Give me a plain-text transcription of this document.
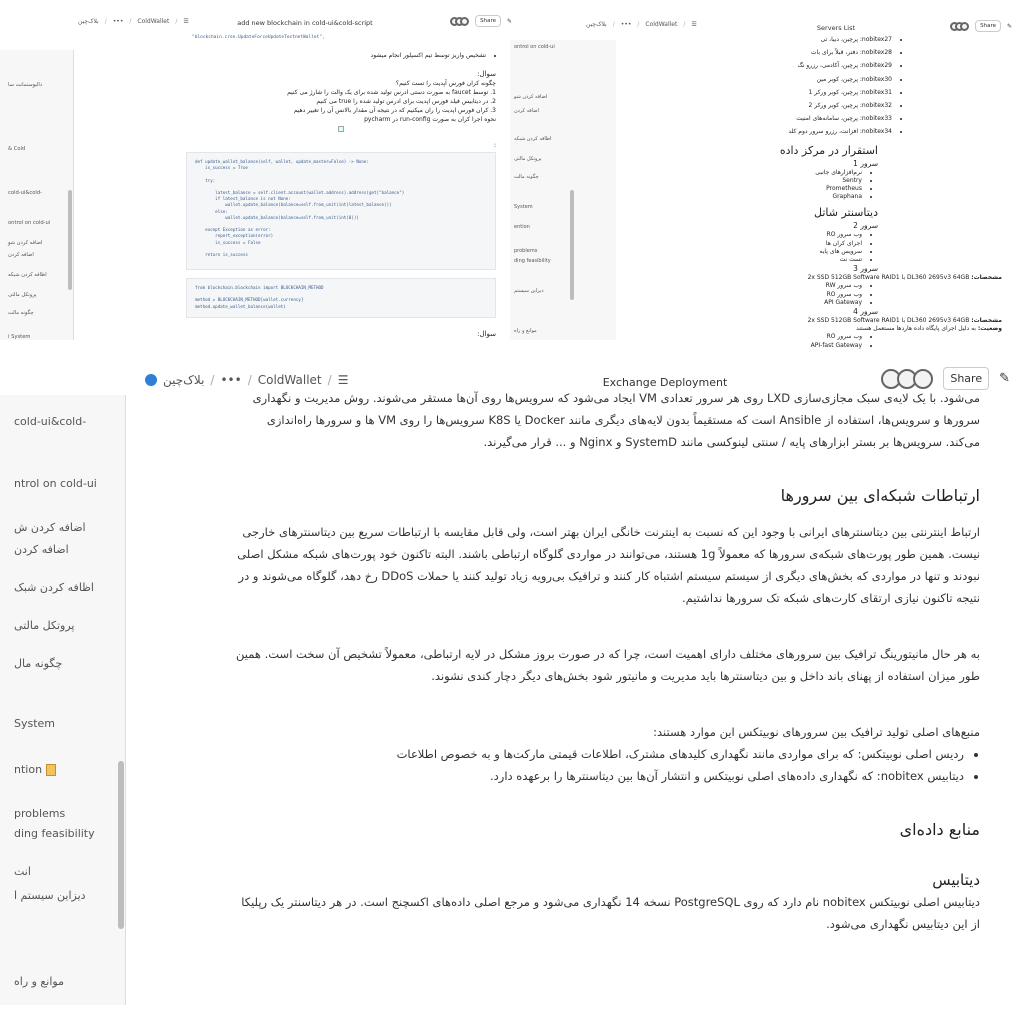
بلاک‌چین / ••• / ColdWallet / ☰	add new blockchain in cold-ui&cold-script	Share	✎
دالیوستمانت سا
& Cold
cold-ui&cold-
ontrol on cold-ui
اضافه کردن شو
اضافه کردن
اظافه کردن شبکه
پروتکل مالتی
چگونه مالت
i System
"blockchain.cron.UpdateForceUpdateTestnetWallet",
• تشخیص واریز توسط تیم اکسپلور انجام میشود
سوال:
چگونه کران فورس آپدیت را تست کنیم؟
1. توسط faucet به صورت دستی ادرس تولید شده برای یک والت را شارژ می کنیم
2. در دیتابیس فیلد فورس اپدیت برای ادرس تولید شده را true می کنیم
3. کران فورس اپدیت را ران میکنیم که در نتیجه آن مقدار بالانس آن را تغییر دهیم
نحوه اجرا کران به صورت run-config در pycharm
:
def update_wallet_balance(self, wallet, update_master=False) -> None:
is_success = True

try:

latest_balance = self.client.account(wallet.address).address(get("balance")
if latest_balance is not None:
wallet.update_balance(balance=self.from_unit(int(latest_balance)))
else:
wallet.update_balance(balance=self.from_unit(int(0)))

except Exception as error:
report_exception(error)
is_success = False

return is_success
from blockchain.blockchain import BLOCKCHAIN_METHOD

method = BLOCKCHAIN_METHOD[wallet.currency]
method.update_wallet_balance(wallet)
سوال:
ontrol on cold-ui
اضافه کردن شو
اضافه کردن
اظافه کردن شبکه
پروتکل مالتی
چگونه مالت
System
ention
problems
ding feasibility
دیزاین سیستم
موانع و راه
بلاک‌چین / ••• / ColdWallet / ☰	Servers List	Share	✎
• nobitex27: پرچین، دبیا، تی
• nobitex28: دفتر، قبلاً برای بات
• nobitex29: پرچین، آکادمی، رزرو نگ
• nobitex30: پرچین، کوبر مین
• nobitex31: پرچین، کوبر ورکر 1
• nobitex32: پرچین، کوبر ورکر 2
• nobitex33: پرچین، سامانه‌های امنیت
• nobitex34: افزانت، رزرو سرور دوم کلد
استقرار در مرکز داده
سرور 1
• نرم‌افزارهای جانبی
• Sentry
• Prometheus
• Graphana
دیتاسنتر شاتل
سرور 2
• وب سرور RO
• اجرای کران ها
• سرویس های پایه
• تست نت
سرور 3
مشخصات: DL360 2695v3 64GB با 2x SSD 512GB Software RAID1
• وب سرور RW
• وب سرور RO
• API Gateway
سرور 4
مشخصات: DL360 2695v3 64GB با 2x SSD 512GB Software RAID1
وضعیت: به دلیل اجرای پایگاه داده هاردها مستعمل هستند
• وب سرور RO
• API-fast Gateway
بلاک‌چین / ••• / ColdWallet / ☰	Exchange Deployment	Share	✎
cold-ui&cold-
ntrol on cold-ui
اضافه کردن ش
اضافه کردن
اظافه کردن شبک
پروتکل مالتی
چگونه مال
System
ntion
problems
ding feasibility
انت
دیزاین سیستم ا
موانع و راه

می‌شود. با یک لایه‌ی سبک مجازی‌سازی LXD روی هر سرور تعدادی VM ایجاد می‌شود که سرویس‌ها روی آن‌ها مستقر می‌شوند. روش مدیریت و نگهداری سرورها و سرویس‌ها، استفاده از Ansible است که مستقیماً بدون لایه‌های دیگری مانند Docker یا K8S سرویس‌ها را روی VM ها و سرورها راه‌اندازی می‌کند. سرویس‌ها بر بستر ابزارهای پایه / سنتی لینوکسی مانند SystemD و Nginx و ... قرار می‌گیرند.

ارتباطات شبکه‌ای بین سرورها

ارتباط اینترنتی بین دیتاسنترهای ایرانی با وجود این که نسبت به اینترنت خانگی ایران بهتر است، ولی قابل مقایسه با ارتباطات سریع بین دیتاسنترهای خارجی نیست. همین طور پورت‌های شبکه‌ی سرورها که معمولاً 1g هستند، می‌توانند در مواردی گلوگاه ارتباطی باشند. البته تاکنون خود پورت‌های شبکه مشکل اصلی نبودند و تنها در مواردی که بخش‌های دیگری از سیستم سیستم اشتباه کار کنند و ترافیک بی‌رویه زیاد تولید کنند یا حملات DDoS رخ دهد، گلوگاه می‌شوند و در نتیجه تاکنون نیازی ارتقای کارت‌های شبکه تک سرورها نداشتیم.

به هر حال مانیتورینگ ترافیک بین سرورهای مختلف دارای اهمیت است، چرا که در صورت بروز مشکل در لایه ارتباطی، معمولاً تشخیص آن سخت است. همین طور میزان استفاده از پهنای باند داخل و بین دیتاسنترها باید مدیریت و مانیتور شود بخش‌های دیگر دچار کندی نشوند.

منبع‌های اصلی تولید ترافیک بین سرورهای نوبیتکس این موارد هستند:

• ردیس اصلی نوبیتکس: که برای مواردی مانند نگهداری کلیدهای مشترک، اطلاعات قیمتی مارکت‌ها و به خصوص اطلاعات
• دیتابیس nobitex: که نگهداری داده‌های اصلی نوبیتکس و انتشار آن‌ها بین دیتاسنترها را برعهده دارد.
منابع داده‌ای
دیتابیس

دیتابیس اصلی نوبیتکس nobitex نام دارد که روی PostgreSQL نسخه 14 نگهداری می‌شود و مرجع اصلی داده‌های اکسچنج است. در هر دیتاسنتر یک رپلیکا از این دیتابیس نگهداری می‌شود.
